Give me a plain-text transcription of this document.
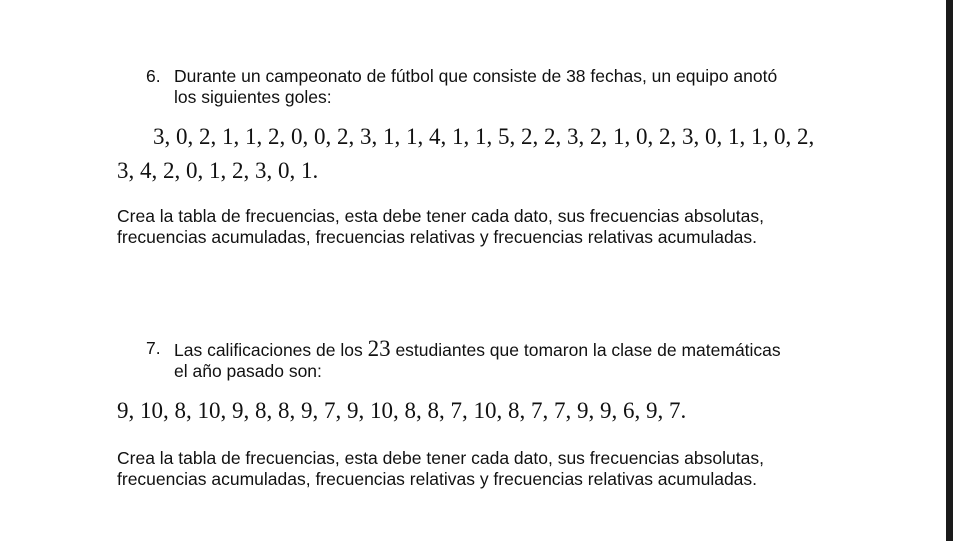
6. Durante un campeonato de fútbol que consiste de 38 fechas, un equipo anotó los siguientes goles:
3, 0, 2, 1, 1, 2, 0, 0, 2, 3, 1, 1, 4, 1, 1, 5, 2, 2, 3, 2, 1, 0, 2, 3, 0, 1, 1, 0, 2,
3, 4, 2, 0, 1, 2, 3, 0, 1.
Crea la tabla de frecuencias, esta debe tener cada dato, sus frecuencias absolutas, frecuencias acumuladas, frecuencias relativas y frecuencias relativas acumuladas.
7. Las calificaciones de los 23 estudiantes que tomaron la clase de matemáticas el año pasado son:
9, 10, 8, 10, 9, 8, 8, 9, 7, 9, 10, 8, 8, 7, 10, 8, 7, 7, 9, 9, 6, 9, 7.
Crea la tabla de frecuencias, esta debe tener cada dato, sus frecuencias absolutas, frecuencias acumuladas, frecuencias relativas y frecuencias relativas acumuladas.
